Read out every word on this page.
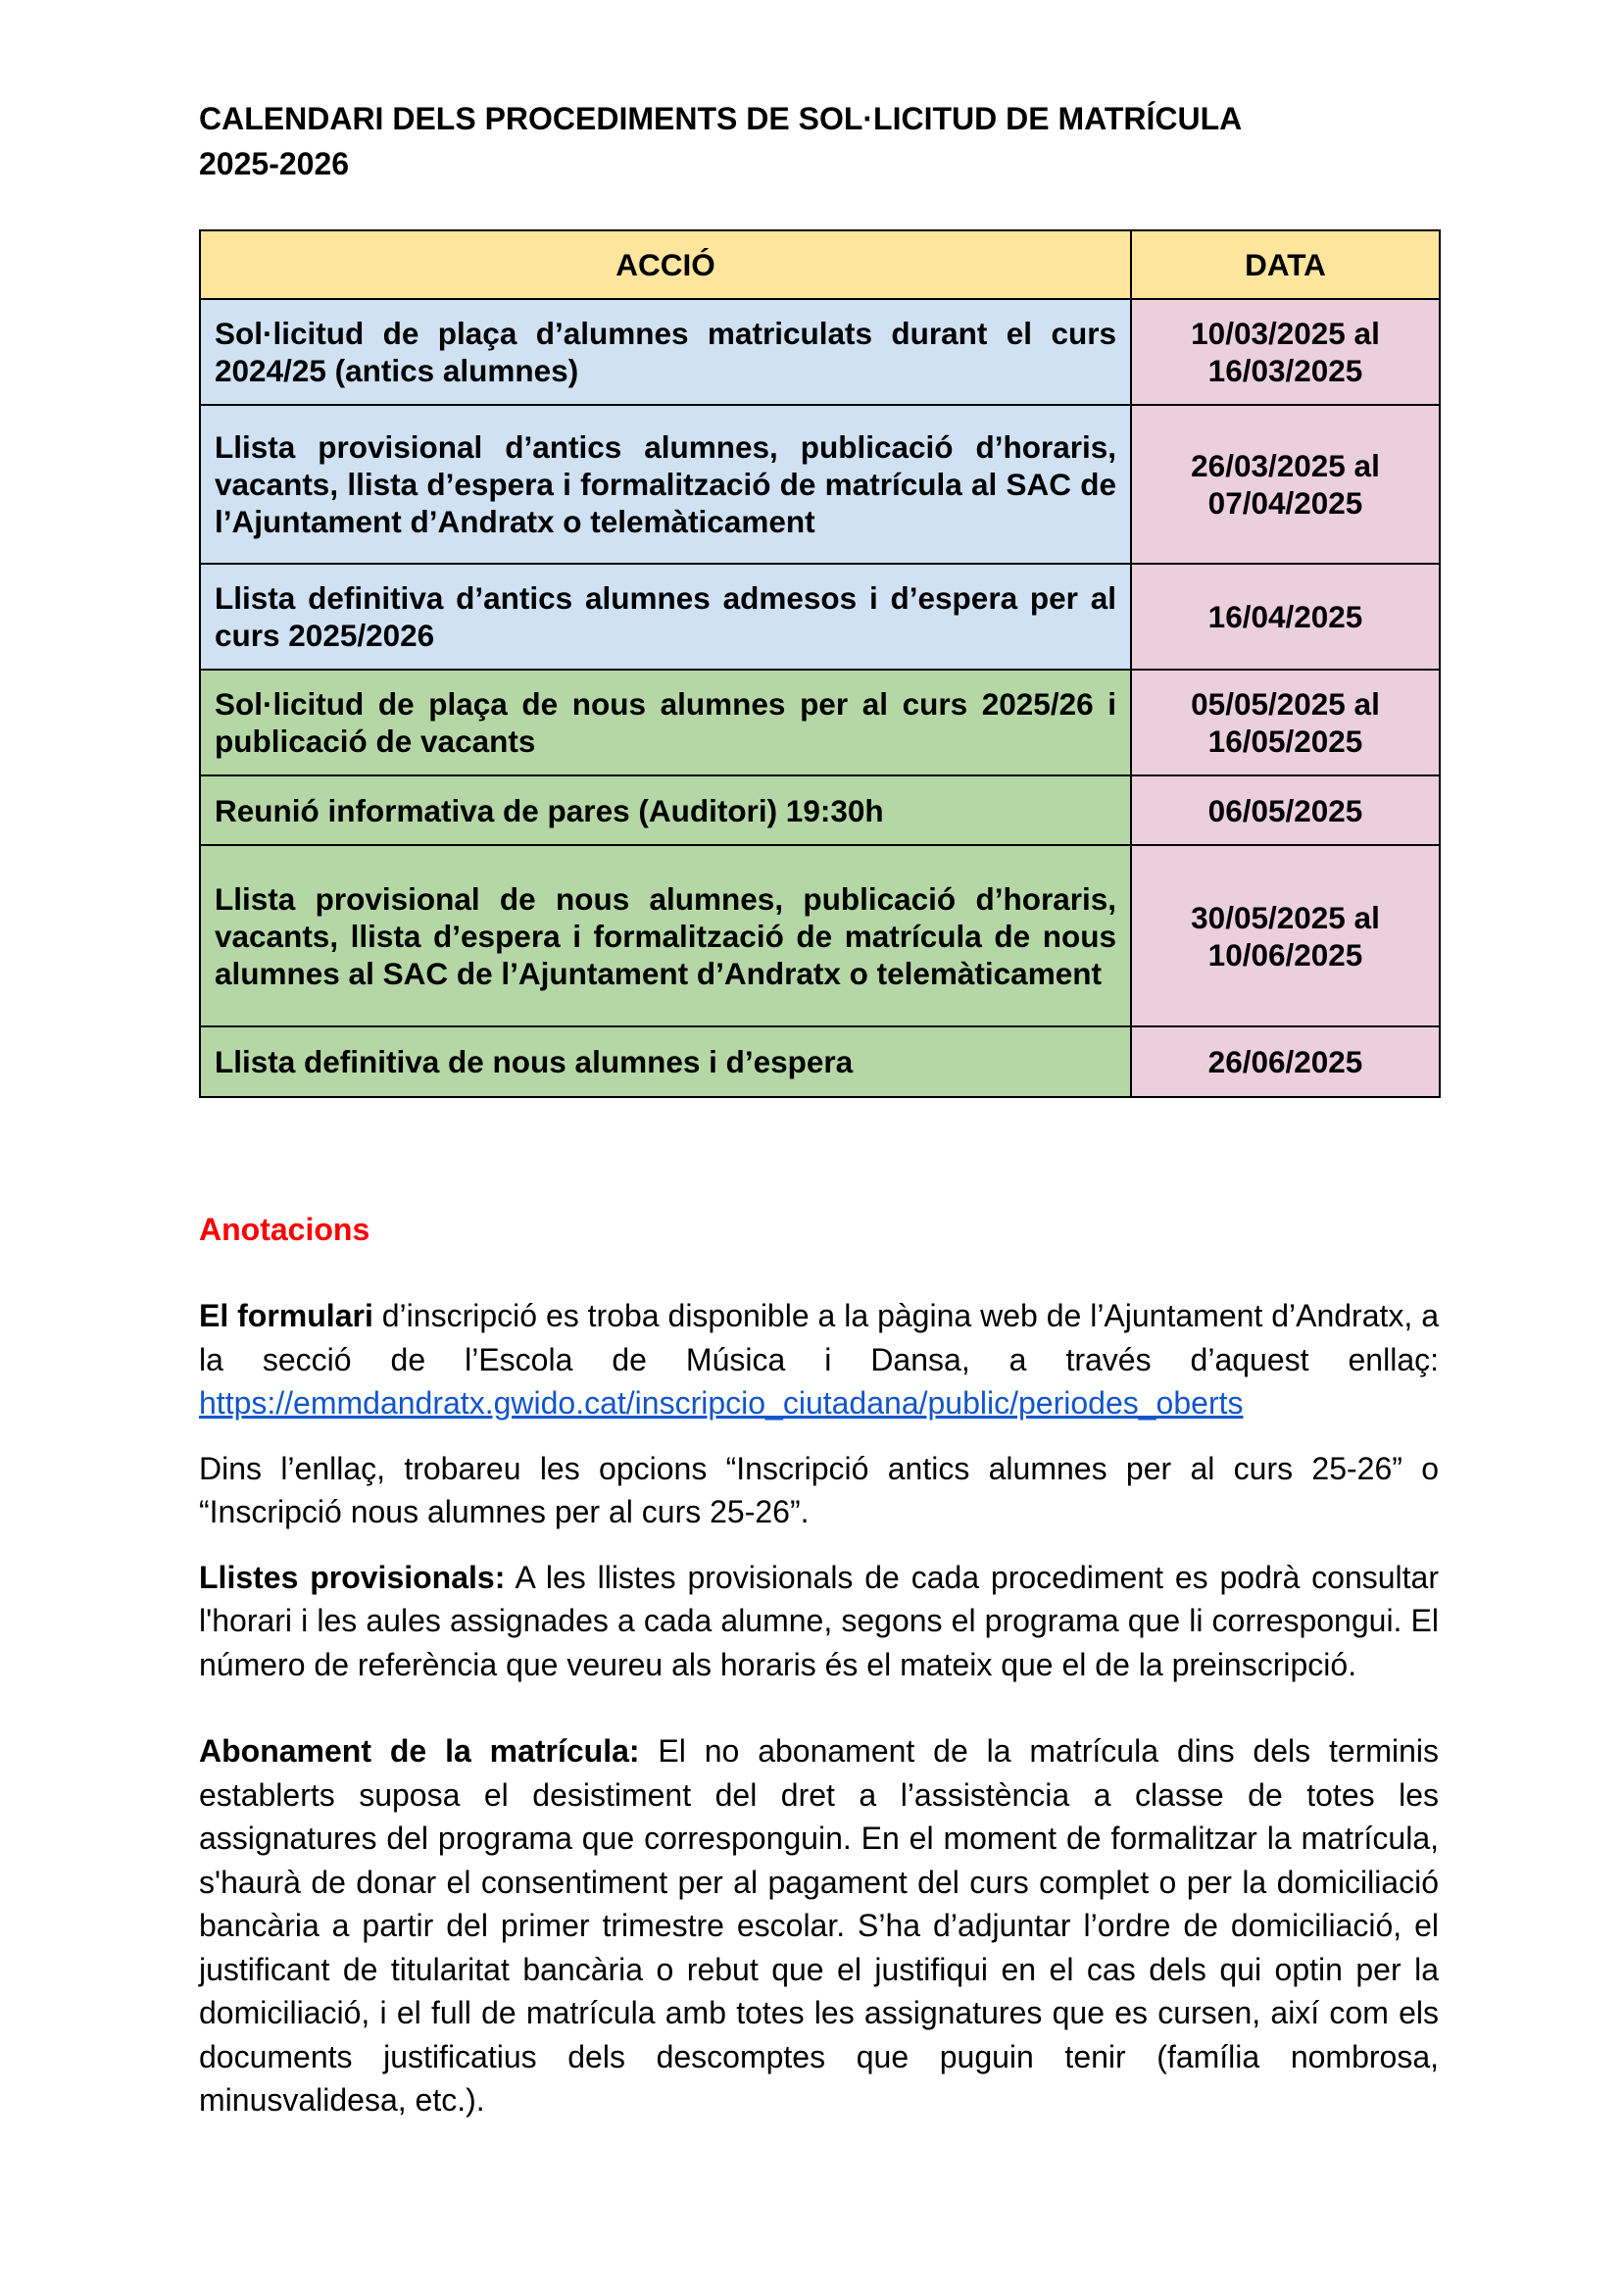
CALENDARI DELS PROCEDIMENTS DE SOL·LICITUD DE MATRÍCULA
2025-2026
ACCIÓ	DATA
Sol·licitud de plaça d’alumnes matriculats durant el curs 2024/25 (antics alumnes)	10/03/2025 al 16/03/2025
Llista provisional d’antics alumnes, publicació d’horaris, vacants, llista d’espera i formalització de matrícula al SAC de l’Ajuntament d’Andratx o telemàticament	26/03/2025 al 07/04/2025
Llista definitiva d’antics alumnes admesos i d’espera per al curs 2025/2026	16/04/2025
Sol·licitud de plaça de nous alumnes per al curs 2025/26 i publicació de vacants	05/05/2025 al 16/05/2025
Reunió informativa de pares (Auditori) 19:30h	06/05/2025
Llista provisional de nous alumnes, publicació d’horaris, vacants, llista d’espera i formalització de matrícula de nous alumnes al SAC de l’Ajuntament d’Andratx o telemàticament	30/05/2025 al 10/06/2025
Llista definitiva de nous alumnes i d’espera	26/06/2025
Anotacions

El formulari d’inscripció es troba disponible a la pàgina web de l’Ajuntament d’Andratx, a la secció de l’Escola de Música i Dansa, a través d’aquest enllaç: https://emmdandratx.gwido.cat/inscripcio_ciutadana/public/periodes_oberts

Dins l’enllaç, trobareu les opcions “Inscripció antics alumnes per al curs 25-26” o “Inscripció nous alumnes per al curs 25-26”.

Llistes provisionals: A les llistes provisionals de cada procediment es podrà consultar l'horari i les aules assignades a cada alumne, segons el programa que li correspongui. El número de referència que veureu als horaris és el mateix que el de la preinscripció.

Abonament de la matrícula: El no abonament de la matrícula dins dels terminis establerts suposa el desistiment del dret a l’assistència a classe de totes les assignatures del programa que corresponguin. En el moment de formalitzar la matrícula, s'haurà de donar el consentiment per al pagament del curs complet o per la domiciliació bancària a partir del primer trimestre escolar. S’ha d’adjuntar l’ordre de domiciliació, el justificant de titularitat bancària o rebut que el justifiqui en el cas dels qui optin per la domiciliació, i el full de matrícula amb totes les assignatures que es cursen, així com els documents justificatius dels descomptes que puguin tenir (família nombrosa, minusvalidesa, etc.).
